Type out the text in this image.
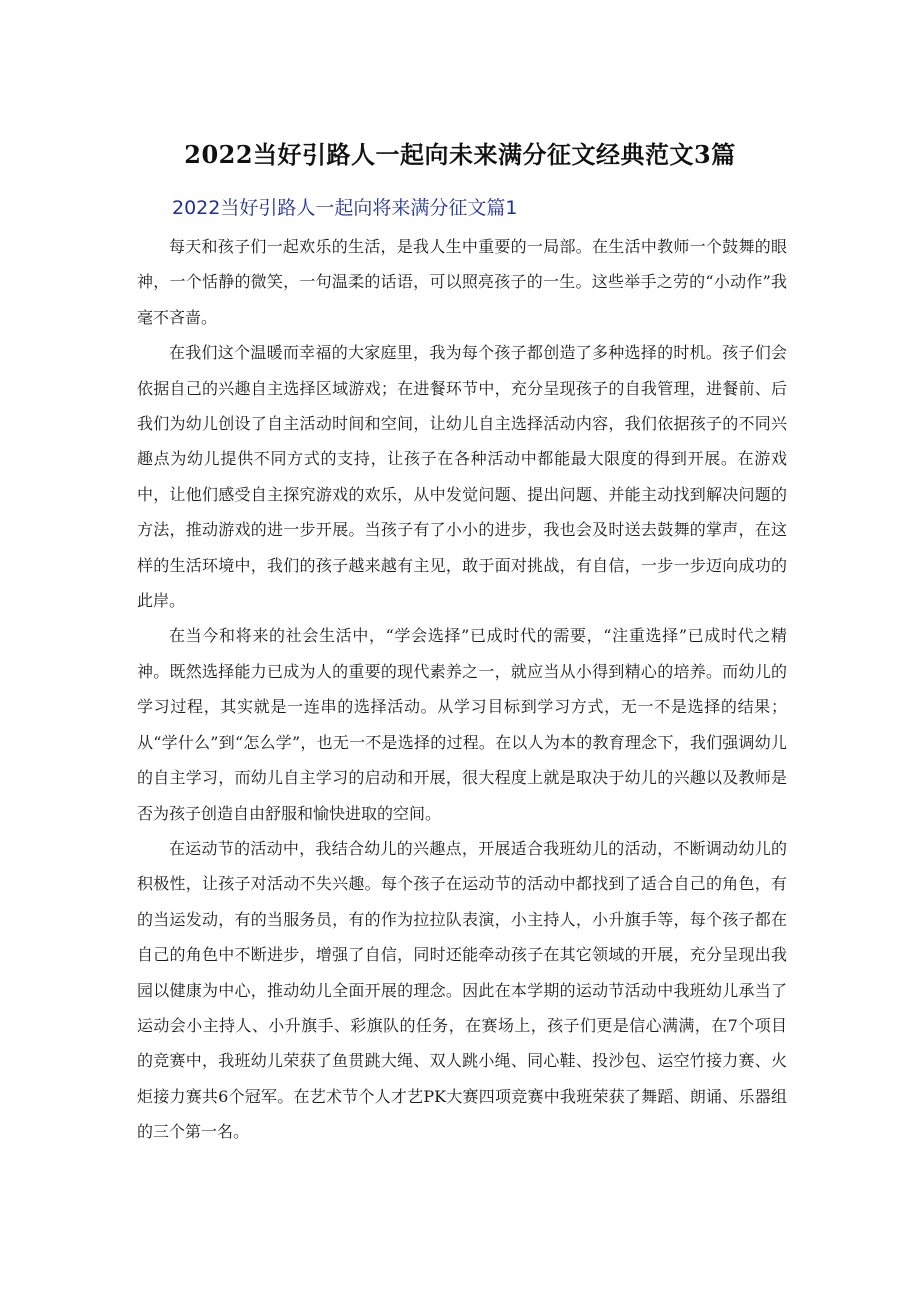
2022当好引路人一起向未来满分征文经典范文3篇
2022当好引路人一起向将来满分征文篇1

每天和孩子们一起欢乐的生活，是我人生中重要的一局部。在生活中教师一个鼓舞的眼神，一个恬静的微笑，一句温柔的话语，可以照亮孩子的一生。这些举手之劳的“小动作”我毫不吝啬。

在我们这个温暖而幸福的大家庭里，我为每个孩子都创造了多种选择的时机。孩子们会依据自己的兴趣自主选择区域游戏；在进餐环节中，充分呈现孩子的自我管理，进餐前、后我们为幼儿创设了自主活动时间和空间，让幼儿自主选择活动内容，我们依据孩子的不同兴趣点为幼儿提供不同方式的支持，让孩子在各种活动中都能最大限度的得到开展。在游戏中，让他们感受自主探究游戏的欢乐，从中发觉问题、提出问题、并能主动找到解决问题的方法，推动游戏的进一步开展。当孩子有了小小的进步，我也会及时送去鼓舞的掌声，在这样的生活环境中，我们的孩子越来越有主见，敢于面对挑战，有自信，一步一步迈向成功的此岸。

在当今和将来的社会生活中，“学会选择”已成时代的需要，“注重选择”已成时代之精神。既然选择能力已成为人的重要的现代素养之一，就应当从小得到精心的培养。而幼儿的学习过程，其实就是一连串的选择活动。从学习目标到学习方式，无一不是选择的结果；从“学什么”到“怎么学”，也无一不是选择的过程。在以人为本的教育理念下，我们强调幼儿的自主学习，而幼儿自主学习的启动和开展，很大程度上就是取决于幼儿的兴趣以及教师是否为孩子创造自由舒服和愉快进取的空间。

在运动节的活动中，我结合幼儿的兴趣点，开展适合我班幼儿的活动，不断调动幼儿的积极性，让孩子对活动不失兴趣。每个孩子在运动节的活动中都找到了适合自己的角色，有的当运发动，有的当服务员，有的作为拉拉队表演，小主持人，小升旗手等，每个孩子都在自己的角色中不断进步，增强了自信，同时还能牵动孩子在其它领域的开展，充分呈现出我园以健康为中心，推动幼儿全面开展的理念。因此在本学期的运动节活动中我班幼儿承当了运动会小主持人、小升旗手、彩旗队的任务，在赛场上，孩子们更是信心满满，在7个项目的竞赛中，我班幼儿荣获了鱼贯跳大绳、双人跳小绳、同心鞋、投沙包、运空竹接力赛、火炬接力赛共6个冠军。在艺术节个人才艺PK大赛四项竞赛中我班荣获了舞蹈、朗诵、乐器组的三个第一名。
